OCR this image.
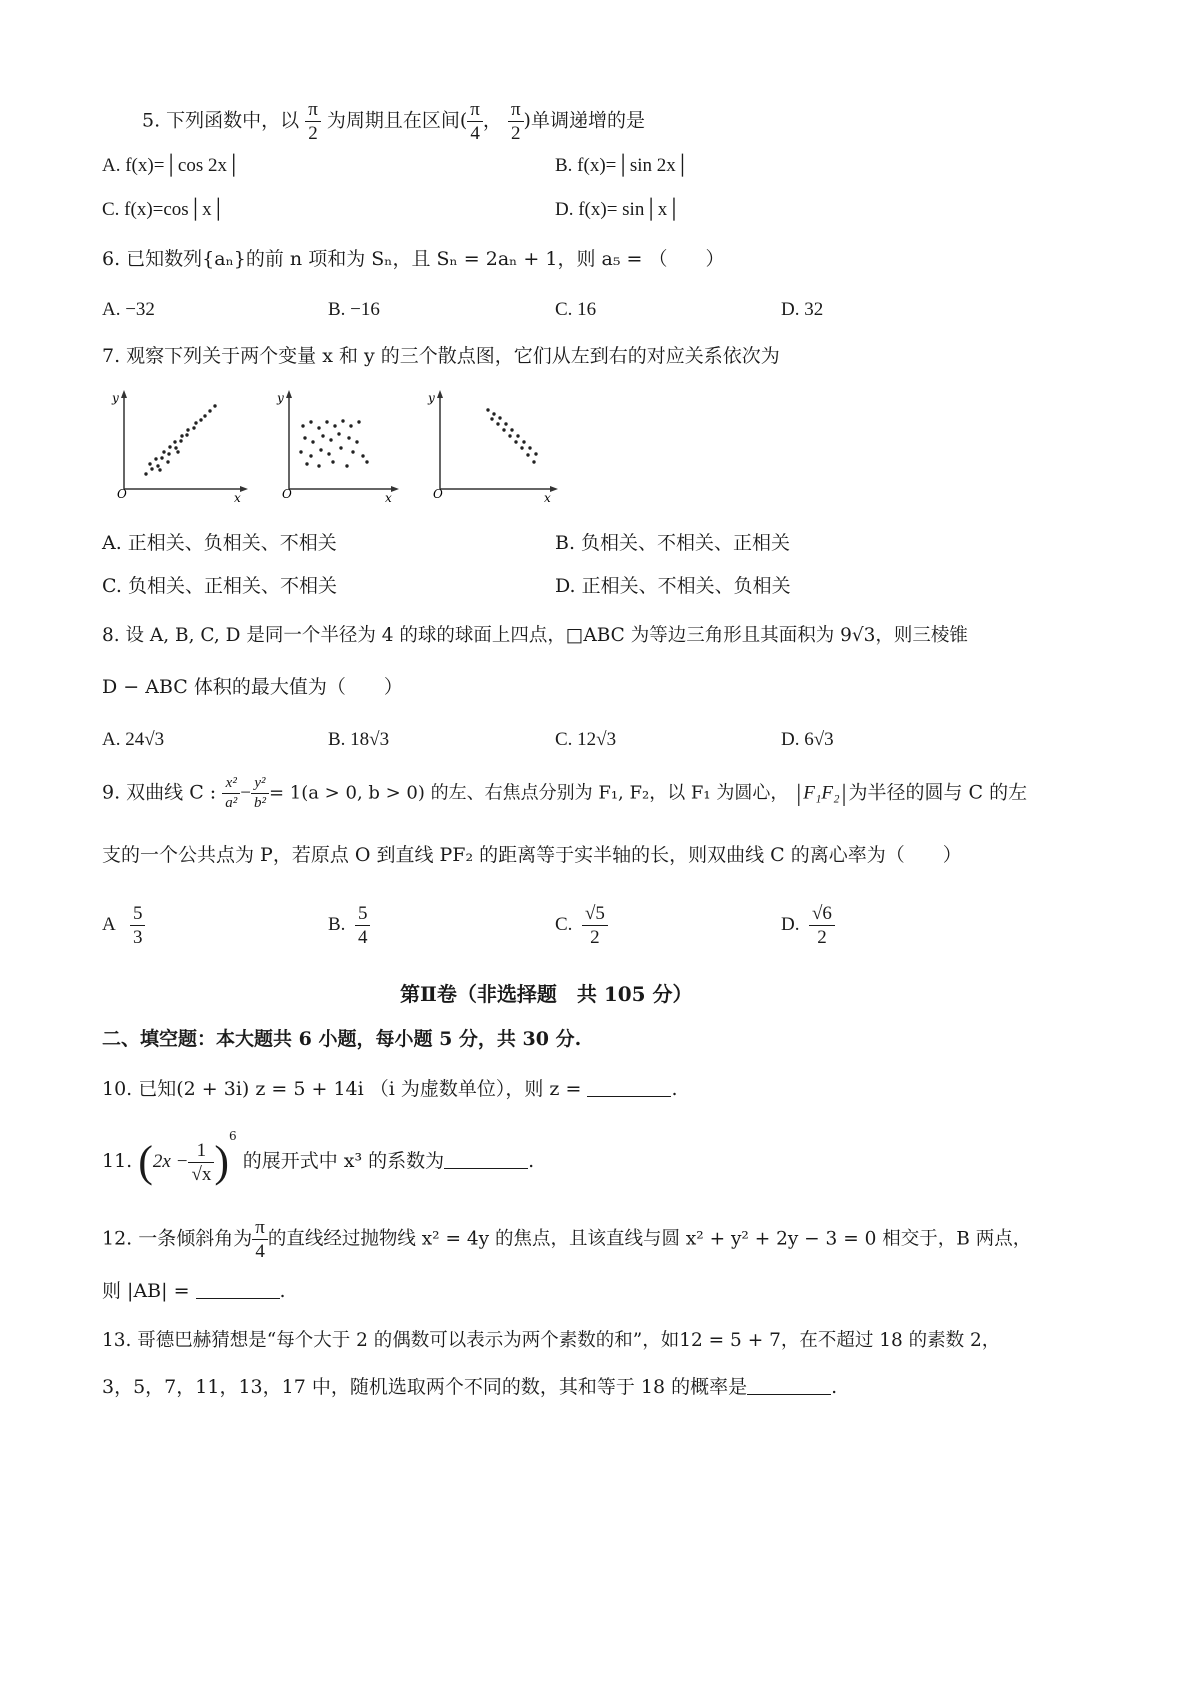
5. 下列函数中，以 $\frac{\pi}{2}$ 为周期且在区间( $\frac{\pi}{4}$ ， $\frac{\pi}{2}$ )单调递增的是
A. f(x)=│cos 2x│	B. f(x)=│sin 2x│
C. f(x)=cos│x│	D. f(x)= sin│x│
6. 已知数列{aₙ}的前 n 项和为 Sₙ，且 Sₙ = 2aₙ + 1，则 a₅ = （　　）
A. −32	B. −16	C. 16	D. 32
7. 观察下列关于两个变量 x 和 y 的三个散点图，它们从左到右的对应关系依次为
y
x
O
y
x
O
y
x
O
A. 正相关、负相关、不相关	B. 负相关、不相关、正相关
C. 负相关、正相关、不相关	D. 正相关、不相关、负相关
8. 设 A, B, C, D 是同一个半径为 4 的球的球面上四点，□ABC 为等边三角形且其面积为 9√3，则三棱锥
D − ABC 体积的最大值为（　　）
A. 24√3	B. 18√3	C. 12√3	D. 6√3
9. 双曲线 C : $\frac{\text{x²}}{\text{a²}} - \frac{\text{y²}}{\text{b²}} = 1(a > 0$, b > 0) 的左、右焦点分别为 F₁, F₂，以 F₁ 为圆心， | F₁F₂| 为半径的圆与 C 的左
支的一个公共点为 P，若原点 O 到直线 PF₂ 的距离等于实半轴的长，则双曲线 C 的离心率为（　　）
A $\frac{5}{3}$	B. $\frac{5}{4}$	C. $\frac{√5}{2}$	D. $\frac{√6}{2}$
第Ⅱ卷（非选择题　共 105 分）
二、填空题：本大题共 6 小题，每小题 5 分，共 30 分.
10. 已知(2 + 3i) z = 5 + 14i （i 为虚数单位），则 z =	.
11. $(2x - \frac{1}{√x} )^6$ 的展开式中 x³ 的系数为	.
12. 一条倾斜角为 $\frac{\pi}{4}$ 的直线经过抛物线 x² = 4y 的焦点，且该直线与圆 x² + y² + 2y − 3 = 0 相交于，B 两点，
则 |AB| =	.
13. 哥德巴赫猜想是“每个大于 2 的偶数可以表示为两个素数的和”，如12 = 5 + 7，在不超过 18 的素数 2，
3，5，7，11，13，17 中，随机选取两个不同的数，其和等于 18 的概率是	.
